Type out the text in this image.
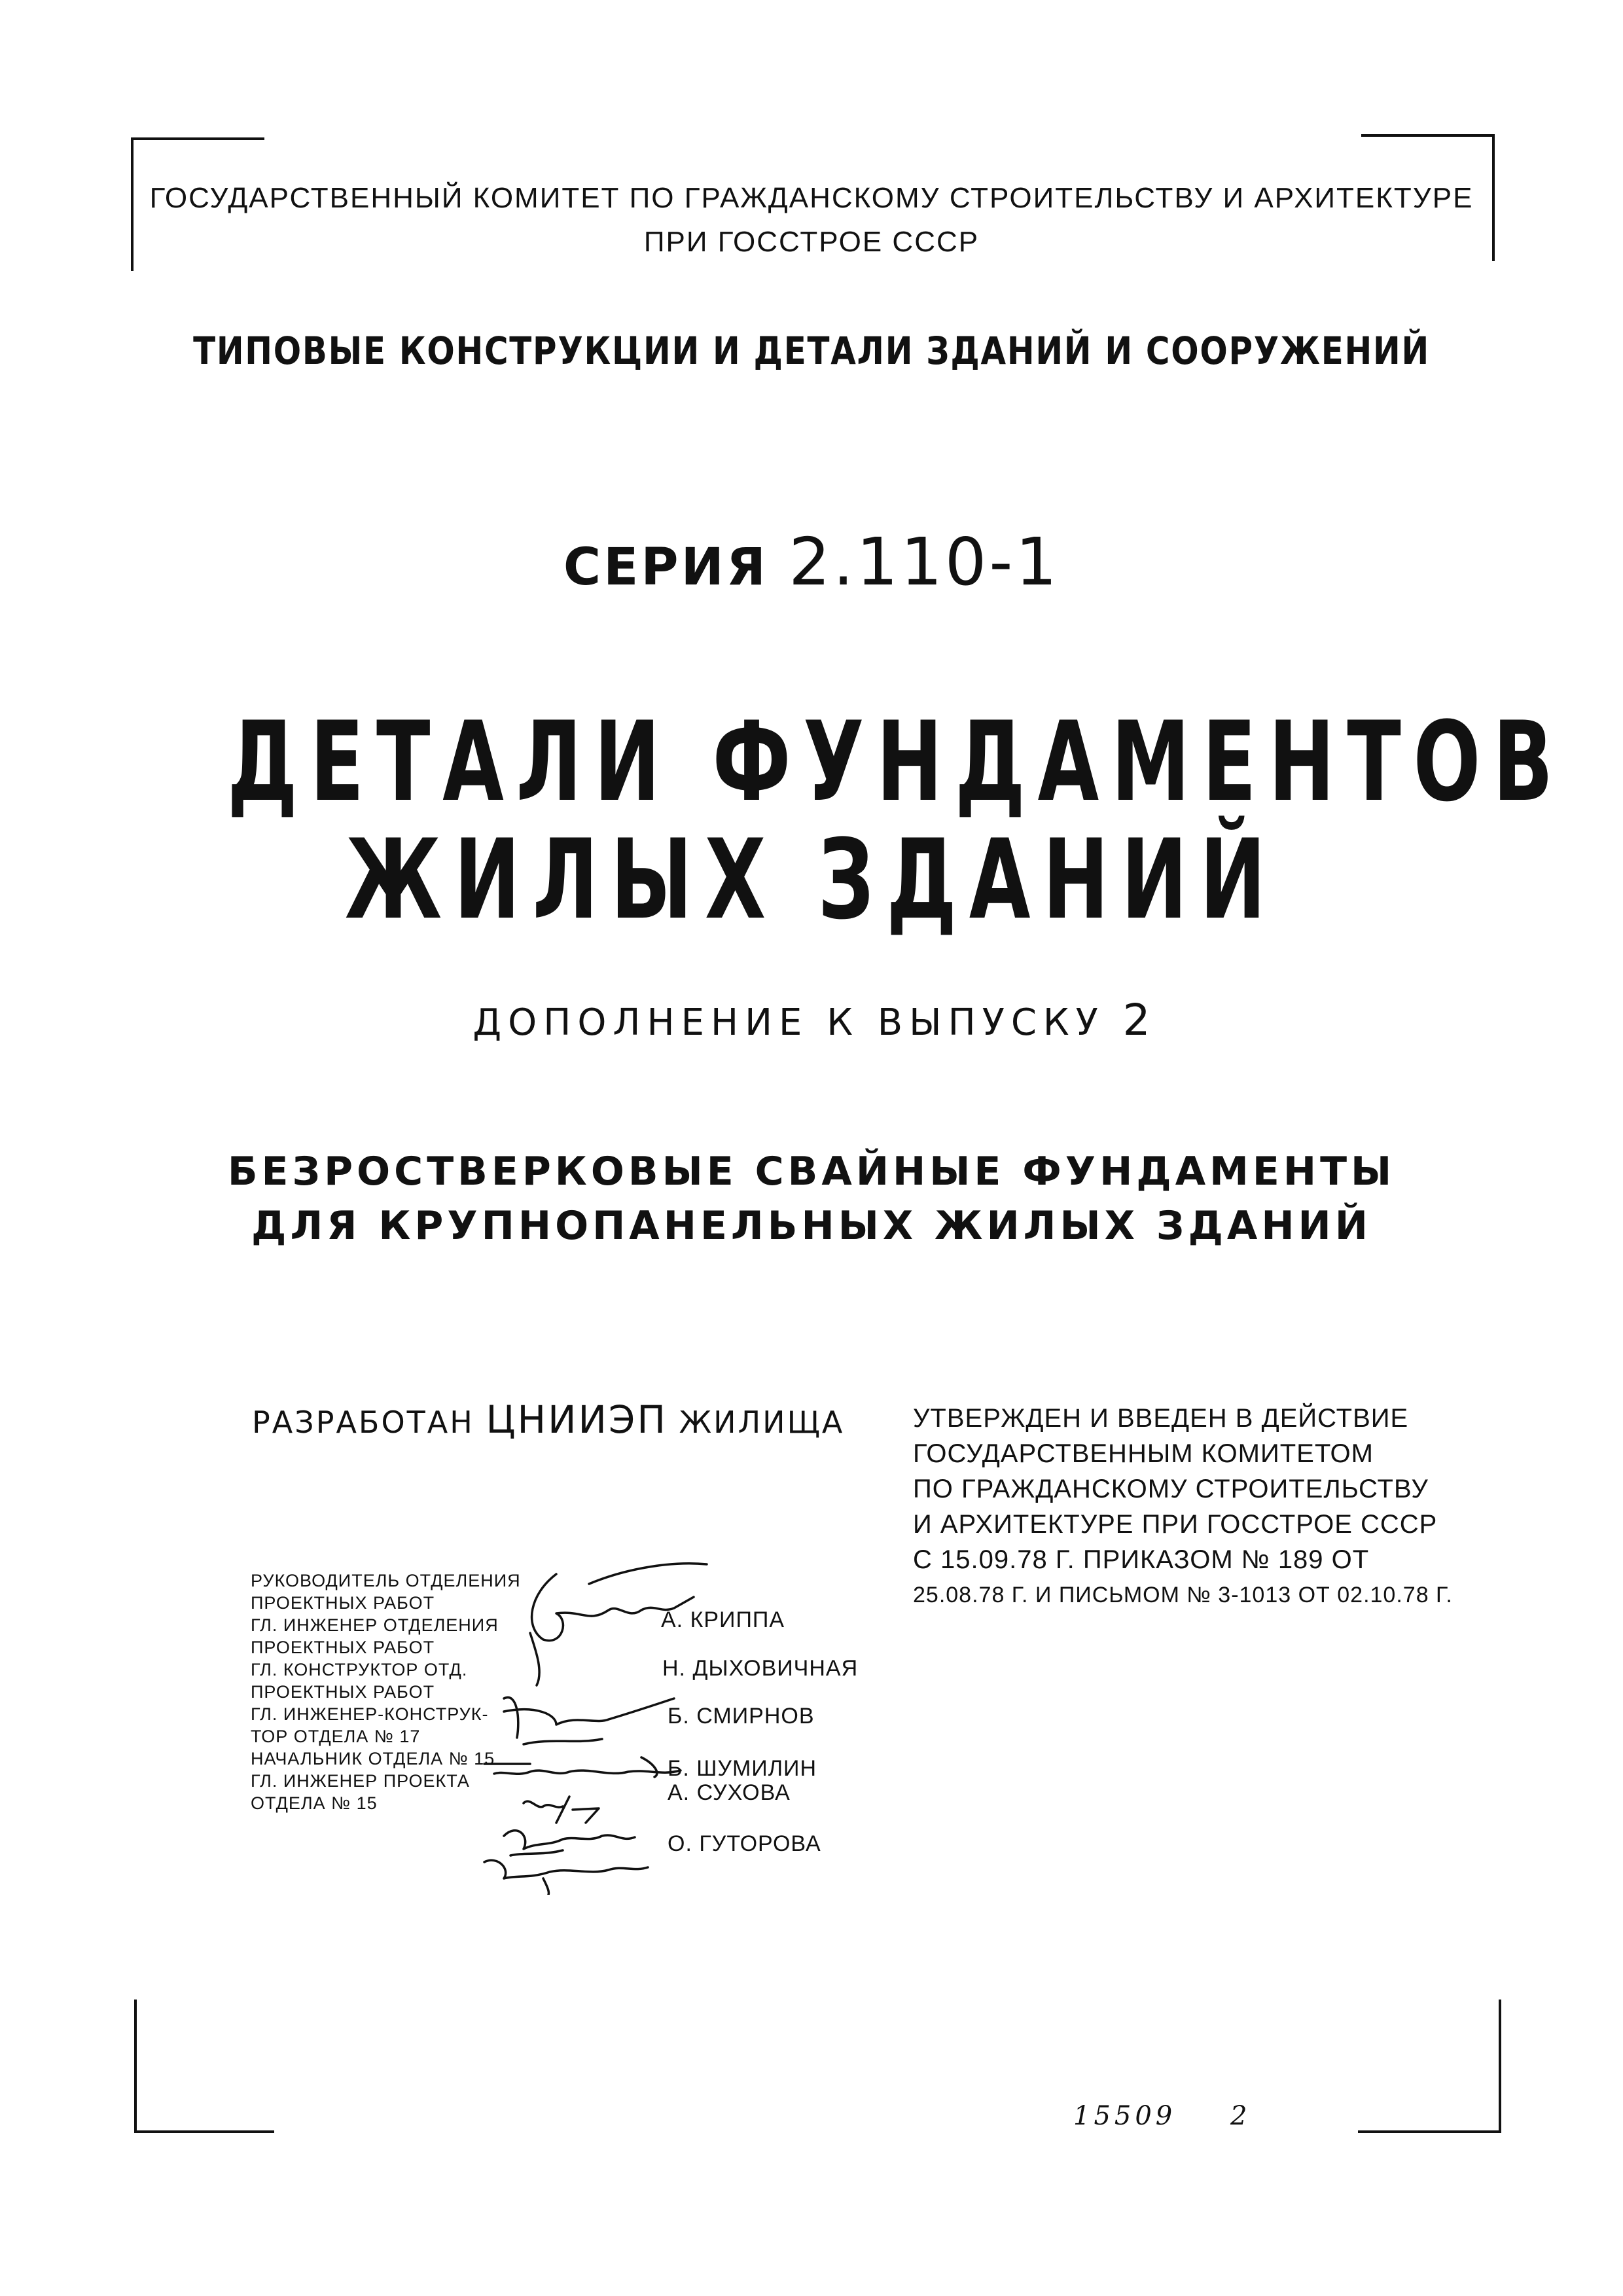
ГОСУДАРСТВЕННЫЙ КОМИТЕТ ПО ГРАЖДАНСКОМУ СТРОИТЕЛЬСТВУ И АРХИТЕКТУРЕ
ПРИ ГОССТРОЕ СССР
ТИПОВЫЕ КОНСТРУКЦИИ И ДЕТАЛИ ЗДАНИЙ И СООРУЖЕНИЙ
СЕРИЯ 2.110-1
ДЕТАЛИ ФУНДАМЕНТОВ
ЖИЛЫХ ЗДАНИЙ
ДОПОЛНЕНИЕ К ВЫПУСКУ 2
БЕЗРОСТВЕРКОВЫЕ СВАЙНЫЕ ФУНДАМЕНТЫ
ДЛЯ КРУПНОПАНЕЛЬНЫХ ЖИЛЫХ ЗДАНИЙ
РАЗРАБОТАН ЦНИИЭП ЖИЛИЩА	УТВЕРЖДЕН И ВВЕДЕН В ДЕЙСТВИЕ
ГОСУДАРСТВЕННЫМ КОМИТЕТОМ
ПО ГРАЖДАНСКОМУ СТРОИТЕЛЬСТВУ
И АРХИТЕКТУРЕ ПРИ ГОССТРОЕ СССР
С 15.09.78 Г. ПРИКАЗОМ № 189 ОТ
25.08.78 Г. И ПИСЬМОМ № 3-1013 ОТ 02.10.78 Г.
РУКОВОДИТЕЛЬ ОТДЕЛЕНИЯ
ПРОЕКТНЫХ РАБОТ
ГЛ. ИНЖЕНЕР ОТДЕЛЕНИЯ
ПРОЕКТНЫХ РАБОТ
ГЛ. КОНСТРУКТОР ОТД.
ПРОЕКТНЫХ РАБОТ
ГЛ. ИНЖЕНЕР-КОНСТРУК-
ТОР ОТДЕЛА № 17
НАЧАЛЬНИК ОТДЕЛА № 15
ГЛ. ИНЖЕНЕР ПРОЕКТА
ОТДЕЛА № 15
А. КРИППА
Н. ДЫХОВИЧНАЯ
Б. СМИРНОВ
Б. ШУМИЛИН
А. СУХОВА
О. ГУТОРОВА
15509 2
